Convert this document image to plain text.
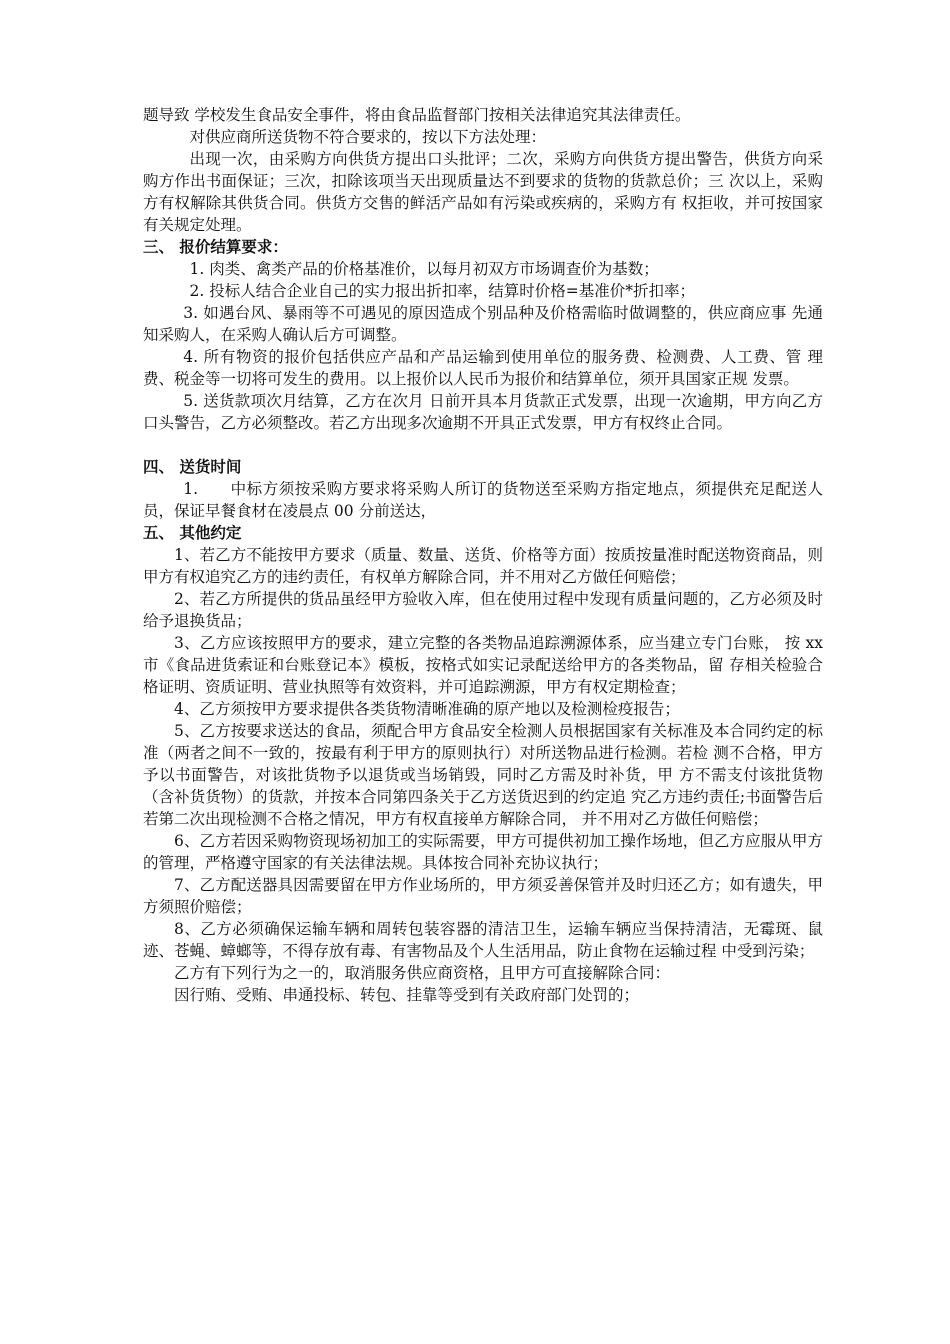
题导致 学校发生食品安全事件，将由食品监督部门按相关法律追究其法律责任。

对供应商所送货物不符合要求的，按以下方法处理：

出现一次，由采购方向供货方提出口头批评；二次，采购方向供货方提出警告，供货方向采购方作出书面保证；三次，扣除该项当天出现质量达不到要求的货物的货款总价；三 次以上，采购方有权解除其供货合同。供货方交售的鲜活产品如有污染或疾病的，采购方有 权拒收，并可按国家有关规定处理。

三、 报价结算要求：

1. 肉类、禽类产品的价格基准价，以每月初双方市场调查价为基数；

2. 投标人结合企业自己的实力报出折扣率，结算时价格=基准价*折扣率；

3. 如遇台风、暴雨等不可遇见的原因造成个别品种及价格需临时做调整的，供应商应事 先通知采购人，在采购人确认后方可调整。

4. 所有物资的报价包括供应产品和产品运输到使用单位的服务费、检测费、人工费、管 理费、税金等一切将可发生的费用。以上报价以人民币为报价和结算单位，须开具国家正规 发票。

5. 送货款项次月结算，乙方在次月 日前开具本月货款正式发票，出现一次逾期，甲方向乙方口头警告，乙方必须整改。若乙方出现多次逾期不开具正式发票，甲方有权终止合同。

四、 送货时间

1.　　中标方须按采购方要求将采购人所订的货物送至采购方指定地点，须提供充足配送人 员，保证早餐食材在凌晨点 00 分前送达，

五、 其他约定

1、若乙方不能按甲方要求（质量、数量、送货、价格等方面）按质按量准时配送物资商品，则甲方有权追究乙方的违约责任，有权单方解除合同，并不用对乙方做任何赔偿；

2、若乙方所提供的货品虽经甲方验收入库，但在使用过程中发现有质量问题的，乙方必须及时给予退换货品；

3、乙方应该按照甲方的要求，建立完整的各类物品追踪溯源体系，应当建立专门台账， 按 xx 市《食品进货索证和台账登记本》模板，按格式如实记录配送给甲方的各类物品，留 存相关检验合格证明、资质证明、营业执照等有效资料，并可追踪溯源，甲方有权定期检查；

4、乙方须按甲方要求提供各类货物清晰准确的原产地以及检测检疫报告；

5、乙方按要求送达的食品，须配合甲方食品安全检测人员根据国家有关标准及本合同约定的标准（两者之间不一致的，按最有利于甲方的原则执行）对所送物品进行检测。若检 测不合格，甲方予以书面警告，对该批货物予以退货或当场销毁，同时乙方需及时补货，甲 方不需支付该批货物（含补货货物）的货款，并按本合同第四条关于乙方送货迟到的约定追 究乙方违约责任;书面警告后若第二次出现检测不合格之情况，甲方有权直接单方解除合同， 并不用对乙方做任何赔偿；

6、乙方若因采购物资现场初加工的实际需要，甲方可提供初加工操作场地，但乙方应服从甲方的管理，严格遵守国家的有关法律法规。具体按合同补充协议执行；

7、乙方配送器具因需要留在甲方作业场所的，甲方须妥善保管并及时归还乙方；如有遗失，甲方须照价赔偿；

8、乙方必须确保运输车辆和周转包装容器的清洁卫生，运输车辆应当保持清洁，无霉斑、鼠迹、苍蝇、蟑螂等，不得存放有毒、有害物品及个人生活用品，防止食物在运输过程 中受到污染；

乙方有下列行为之一的，取消服务供应商资格，且甲方可直接解除合同：

因行贿、受贿、串通投标、转包、挂靠等受到有关政府部门处罚的；
